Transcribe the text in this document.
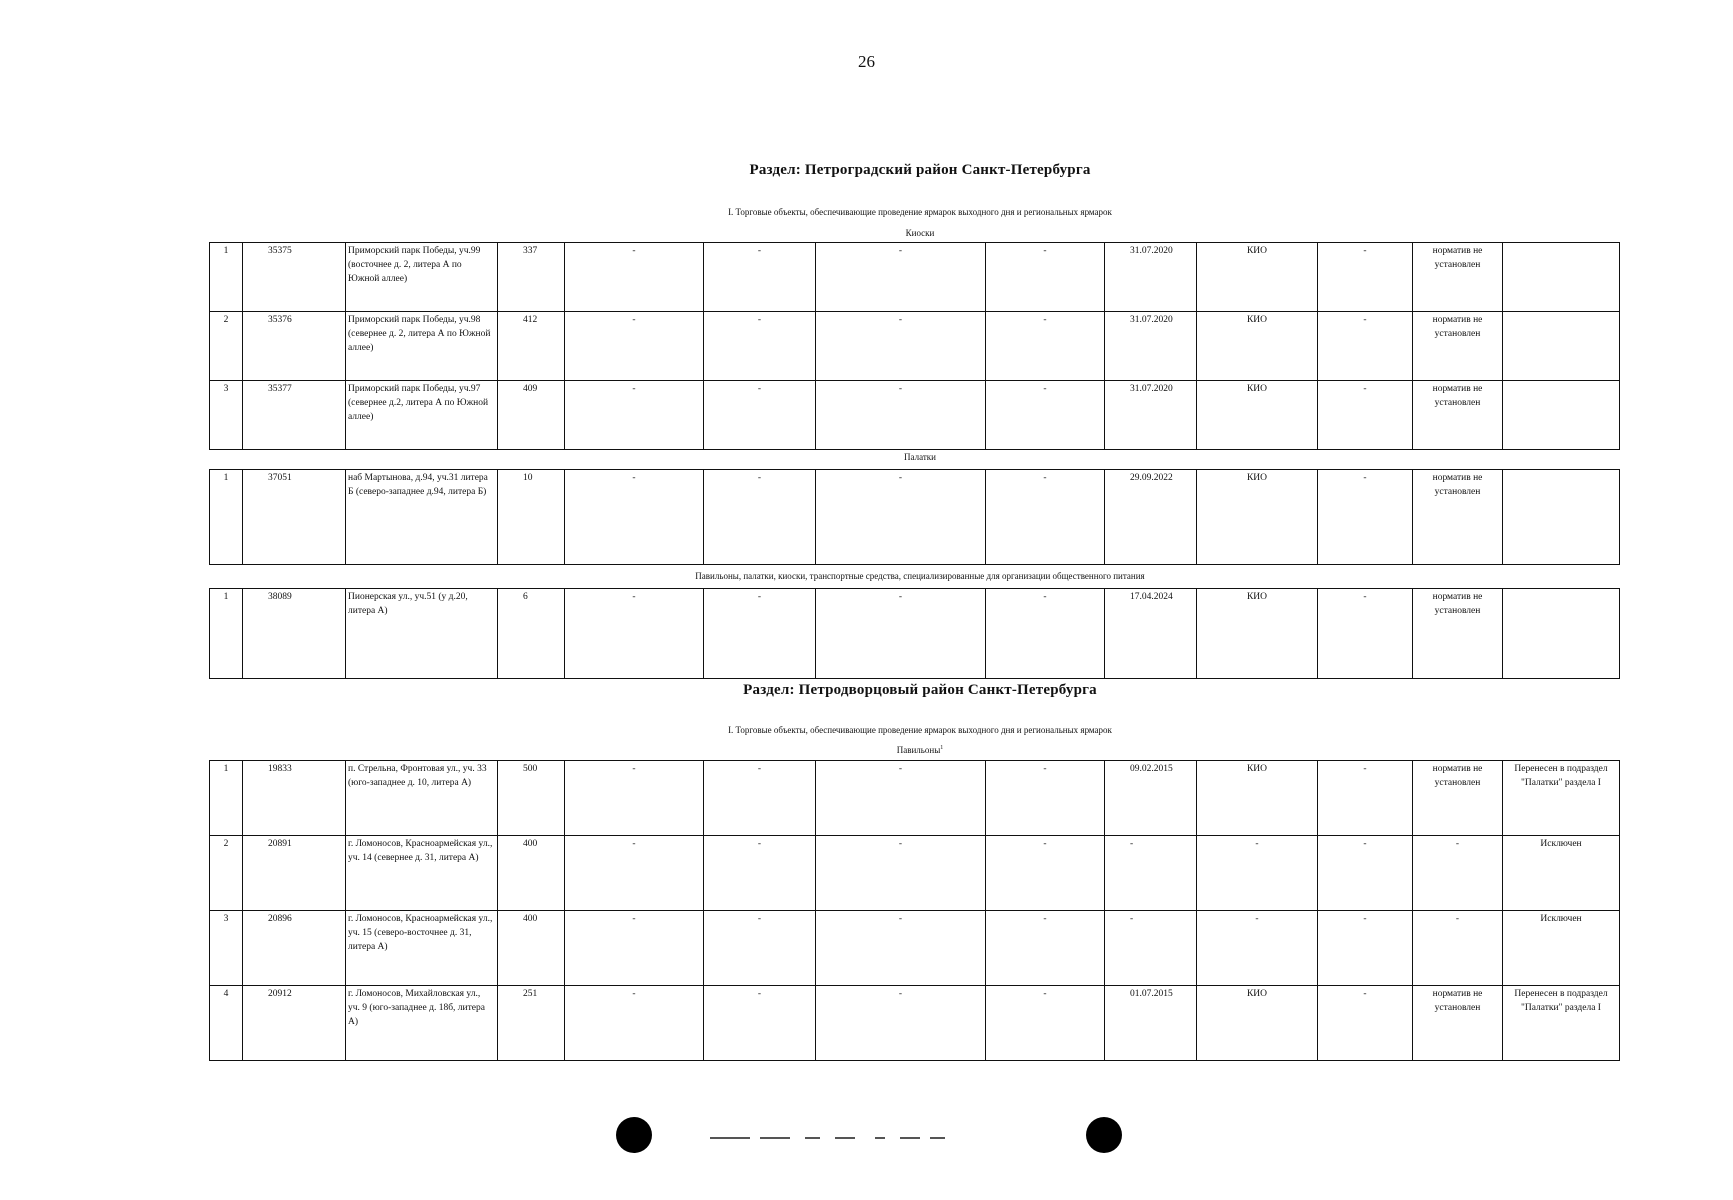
26
Раздел: Петроградский район Санкт-Петербурга
I. Торговые объекты, обеспечивающие проведение ярмарок выходного дня и региональных ярмарок
Киоски
1	35375	Приморский парк Победы, уч.99 (восточнее д. 2, литера А по Южной аллее)	337	-	-	-	-	31.07.2020	КИО	-	норматив не установлен	
2	35376	Приморский парк Победы, уч.98 (севернее д. 2, литера А по Южной аллее)	412	-	-	-	-	31.07.2020	КИО	-	норматив не установлен	
3	35377	Приморский парк Победы, уч.97 (севернее д.2, литера А по Южной аллее)	409	-	-	-	-	31.07.2020	КИО	-	норматив не установлен	
Палатки
1	37051	наб Мартынова, д.94, уч.31 литера Б (северо-западнее д.94, литера Б)	10	-	-	-	-	29.09.2022	КИО	-	норматив не установлен	
Павильоны, палатки, киоски, транспортные средства, специализированные для организации общественного питания
1	38089	Пионерская ул., уч.51 (у д.20, литера А)	6	-	-	-	-	17.04.2024	КИО	-	норматив не установлен	
Раздел: Петродворцовый район Санкт-Петербурга
I. Торговые объекты, обеспечивающие проведение ярмарок выходного дня и региональных ярмарок
Павильоны$^1$
1	19833	п. Стрельна, Фронтовая ул., уч. 33 (юго-западнее д. 10, литера А)	500	-	-	-	-	09.02.2015	КИО	-	норматив не установлен	Перенесен в подраздел "Палатки" раздела I
2	20891	г. Ломоносов, Красноармейская ул., уч. 14 (севернее д. 31, литера А)	400	-	-	-	-	-	-	-	-	Исключен
3	20896	г. Ломоносов, Красноармейская ул., уч. 15 (северо-восточнее д. 31, литера А)	400	-	-	-	-	-	-	-	-	Исключен
4	20912	г. Ломоносов, Михайловская ул., уч. 9 (юго-западнее д. 18б, литера А)	251	-	-	-	-	01.07.2015	КИО	-	норматив не установлен	Перенесен в подраздел "Палатки" раздела I
